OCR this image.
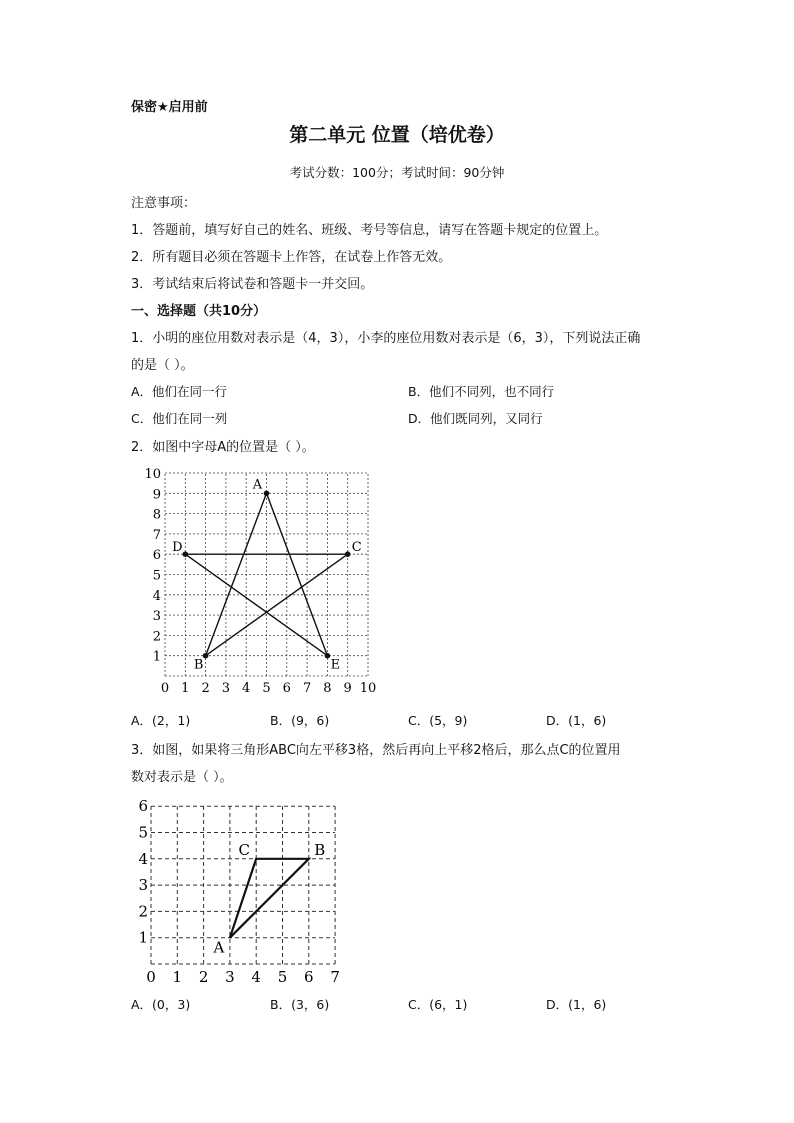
保密★启用前
第二单元 位置（培优卷）
考试分数：100分；考试时间：90分钟
注意事项：
1．答题前，填写好自己的姓名、班级、考号等信息，请写在答题卡规定的位置上。
2．所有题目必须在答题卡上作答，在试卷上作答无效。
3．考试结束后将试卷和答题卡一并交回。
一、选择题（共10分）
1．小明的座位用数对表示是（4，3），小李的座位用数对表示是（6，3），下列说法正确
的是（ ）。
A．他们在同一行	B．他们不同列，也不同行
C．他们在同一列	D．他们既同列，又同行
2．如图中字母A的位置是（ ）。
0 1 2 3 4 5 6 7 8 9 10
1
2
3
4
5
6
7
8
9
10
A
B
C
D
E
A．(2，1)	B．(9，6)	C．(5，9)	D．(1，6)
3．如图，如果将三角形ABC向左平移3格，然后再向上平移2格后，那么点C的位置用
数对表示是（ ）。
0 1 2 3 4 5 6 7
1
2
3
4
5
6
A
B
C
A．(0，3)	B．(3，6)	C．(6，1)	D．(1，6)
